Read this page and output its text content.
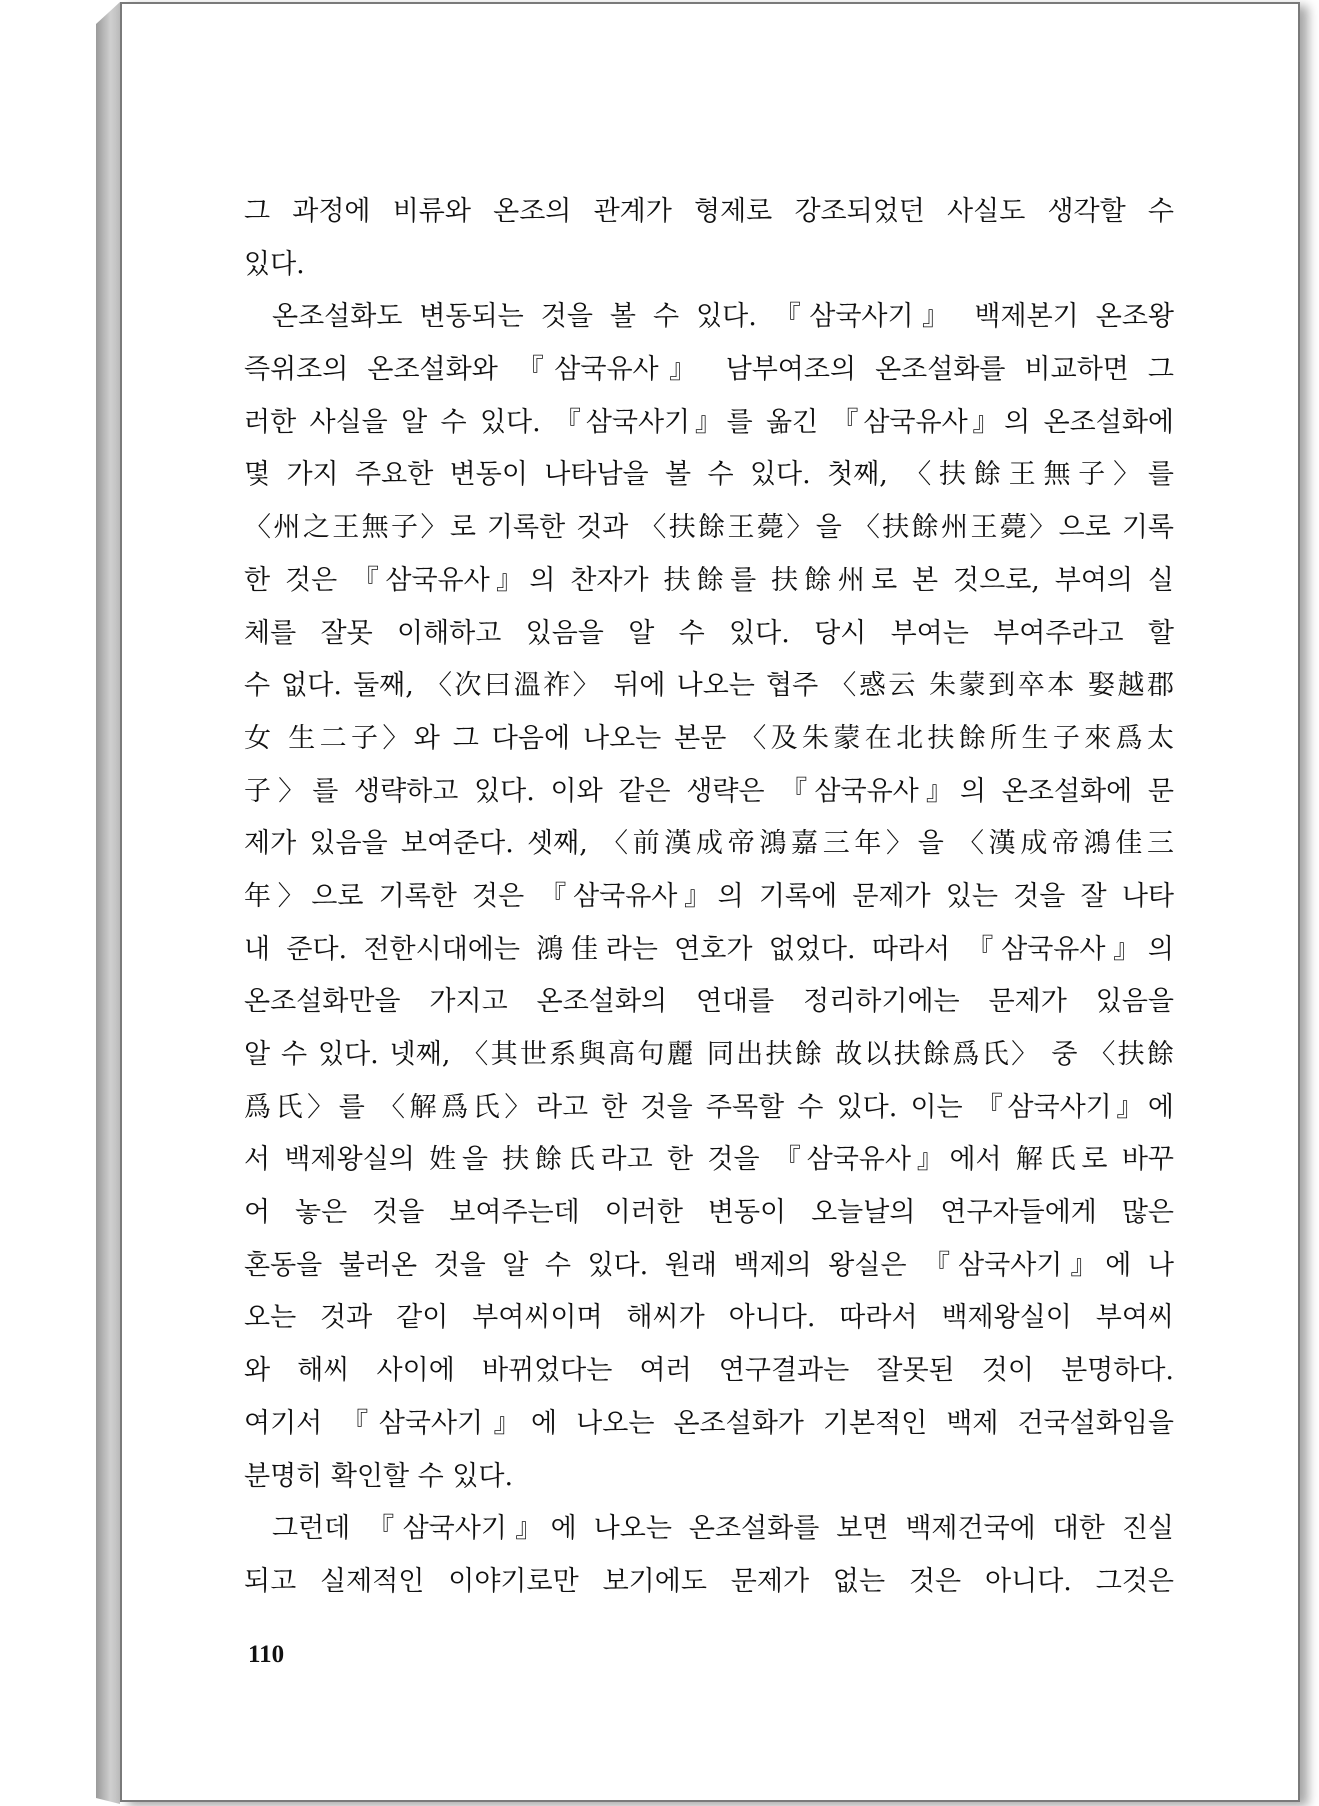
그 과정에 비류와 온조의 관계가 형제로 강조되었던 사실도 생각할 수
있다.
온조설화도 변동되는 것을 볼 수 있다. 『삼국사기』 백제본기 온조왕
즉위조의 온조설화와 『삼국유사』 남부여조의 온조설화를 비교하면 그
러한 사실을 알 수 있다. 『삼국사기』를 옮긴 『삼국유사』의 온조설화에
몇 가지 주요한 변동이 나타남을 볼 수 있다. 첫째, 〈扶餘王無子〉를
〈州之王無子〉로 기록한 것과 〈扶餘王薨〉을 〈扶餘州王薨〉으로 기록
한 것은 『삼국유사』의 찬자가 扶餘를 扶餘州로 본 것으로, 부여의 실
체를 잘못 이해하고 있음을 알 수 있다. 당시 부여는 부여주라고 할
수 없다. 둘째, 〈次曰溫祚〉 뒤에 나오는 협주 〈惑云 朱蒙到卒本 娶越郡
女 生二子〉와 그 다음에 나오는 본문 〈及朱蒙在北扶餘所生子來爲太
子〉를 생략하고 있다. 이와 같은 생략은 『삼국유사』의 온조설화에 문
제가 있음을 보여준다. 셋째, 〈前漢成帝鴻嘉三年〉을 〈漢成帝鴻佳三
年〉으로 기록한 것은 『삼국유사』의 기록에 문제가 있는 것을 잘 나타
내 준다. 전한시대에는 鴻佳라는 연호가 없었다. 따라서 『삼국유사』의
온조설화만을 가지고 온조설화의 연대를 정리하기에는 문제가 있음을
알 수 있다. 넷째, 〈其世系與高句麗 同出扶餘 故以扶餘爲氏〉 중 〈扶餘
爲氏〉를 〈解爲氏〉라고 한 것을 주목할 수 있다. 이는 『삼국사기』에
서 백제왕실의 姓을 扶餘氏라고 한 것을 『삼국유사』에서 解氏로 바꾸
어 놓은 것을 보여주는데 이러한 변동이 오늘날의 연구자들에게 많은
혼동을 불러온 것을 알 수 있다. 원래 백제의 왕실은 『삼국사기』에 나
오는 것과 같이 부여씨이며 해씨가 아니다. 따라서 백제왕실이 부여씨
와 해씨 사이에 바뀌었다는 여러 연구결과는 잘못된 것이 분명하다.
여기서 『삼국사기』에 나오는 온조설화가 기본적인 백제 건국설화임을
분명히 확인할 수 있다.
그런데 『삼국사기』에 나오는 온조설화를 보면 백제건국에 대한 진실
되고 실제적인 이야기로만 보기에도 문제가 없는 것은 아니다. 그것은
110
